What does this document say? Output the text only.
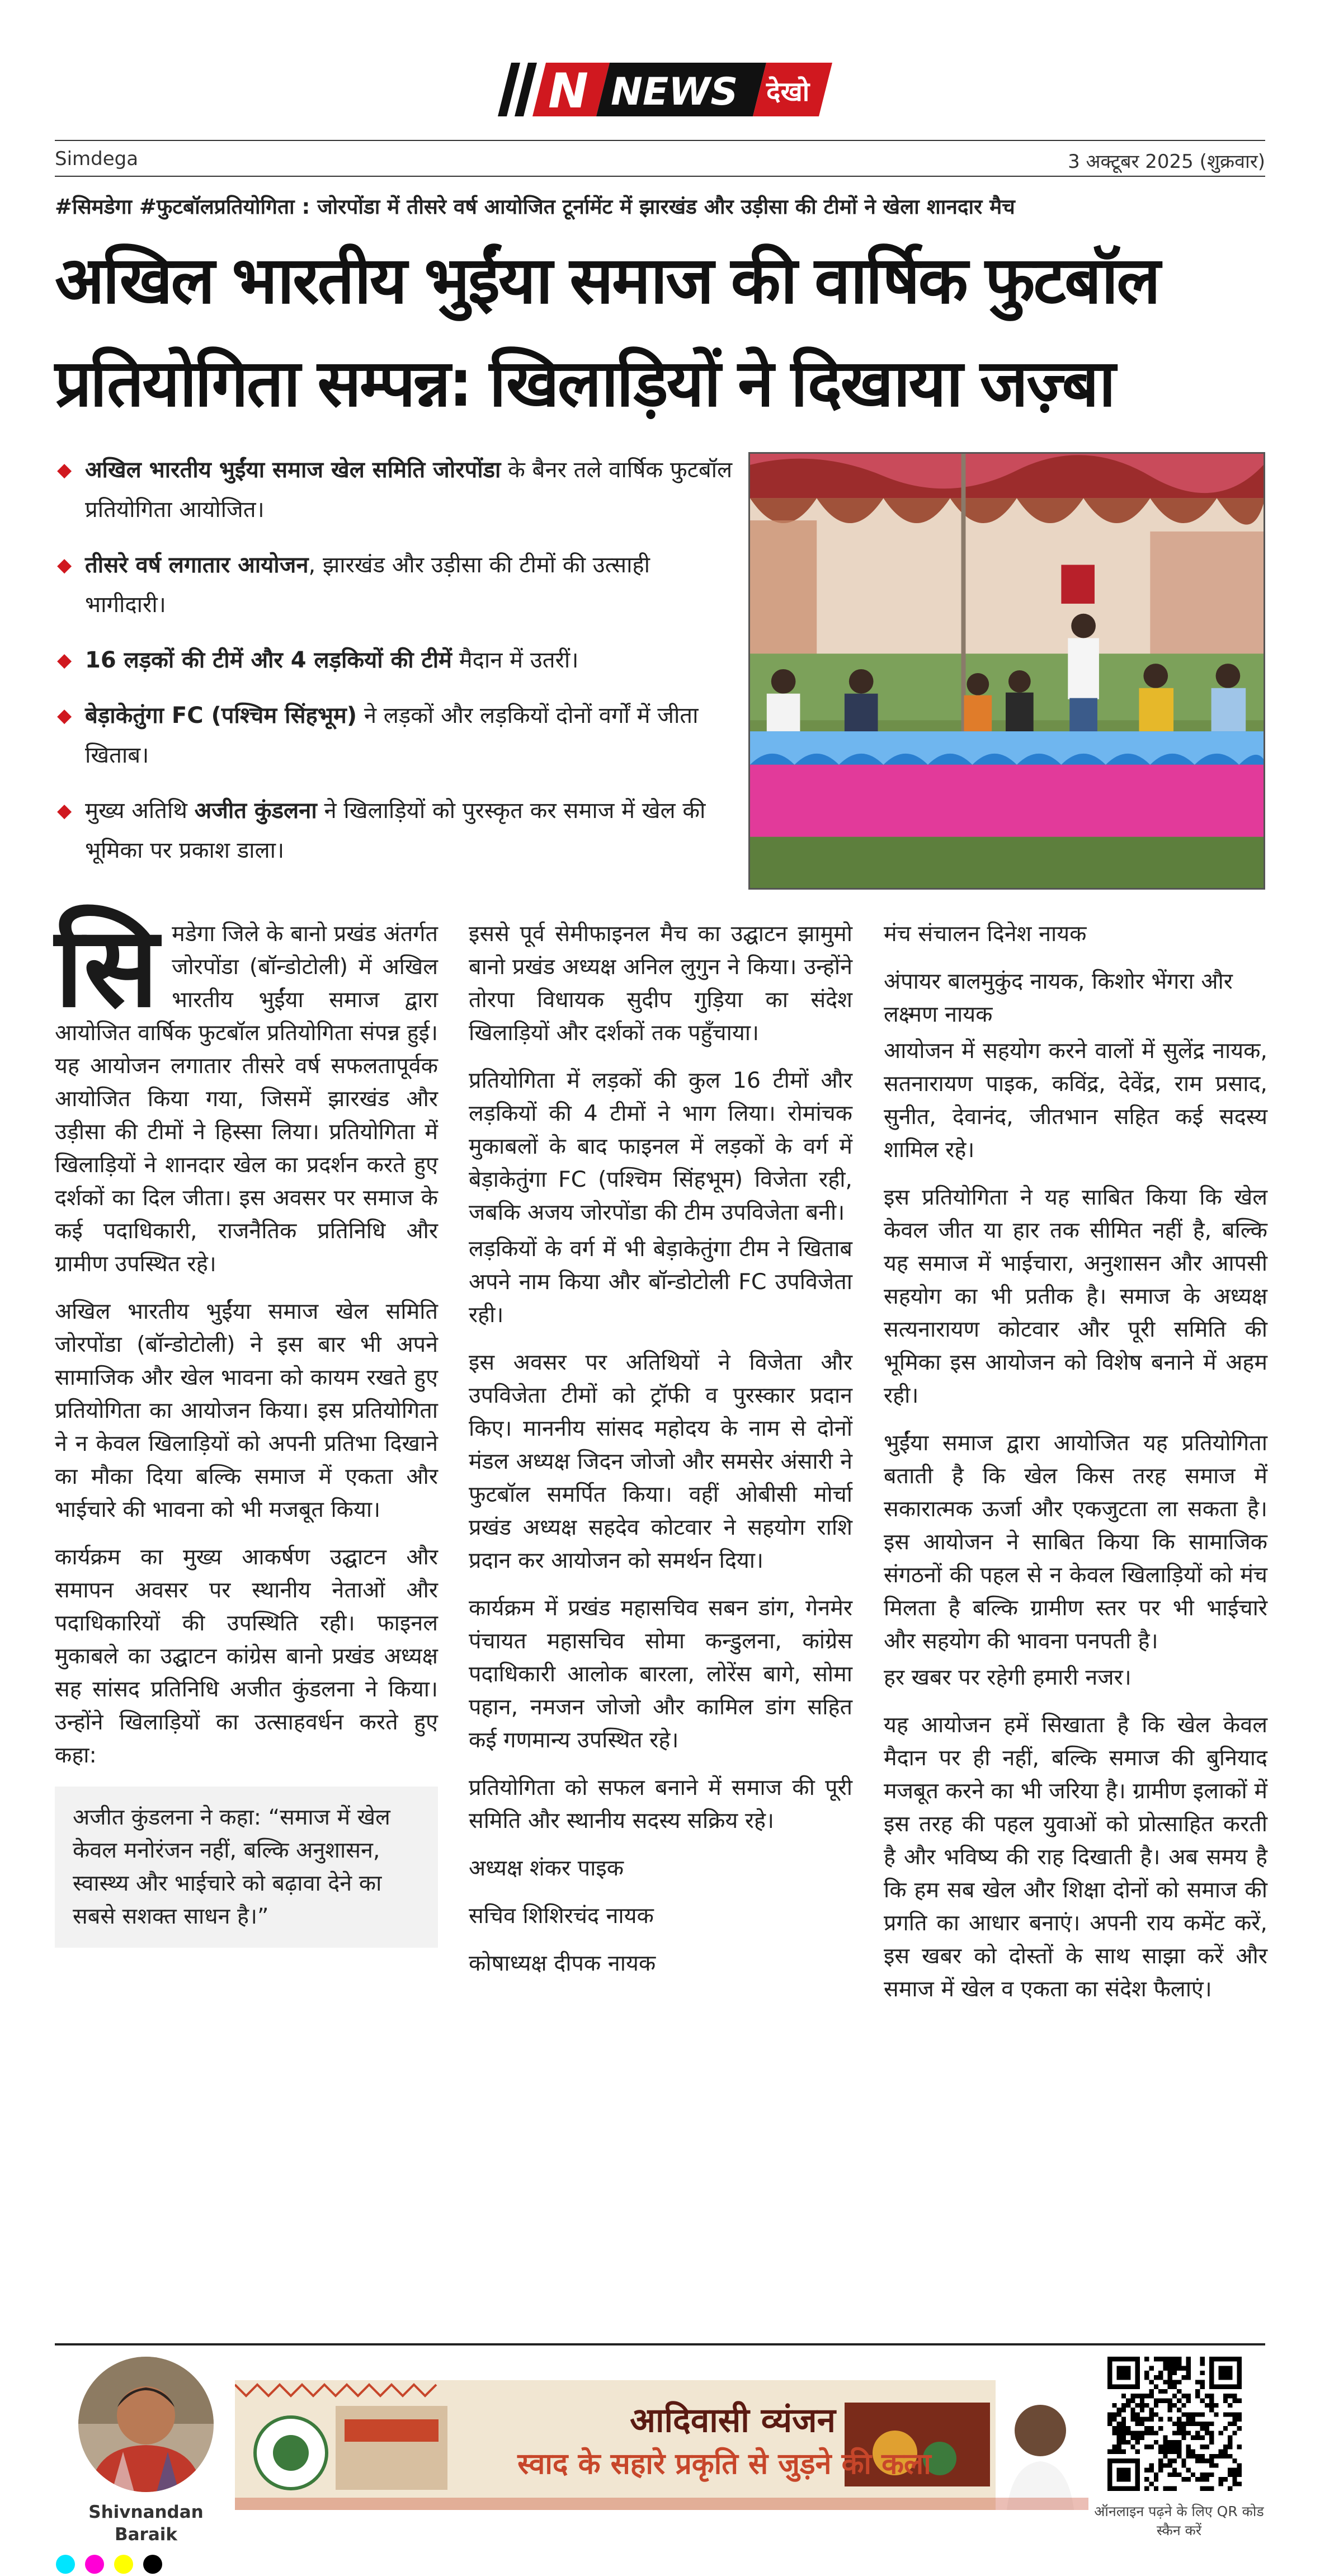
N NEWS देखो
Simdega	3 अक्टूबर 2025 (शुक्रवार)
#सिमडेगा #फुटबॉलप्रतियोगिता : जोरपोंडा में तीसरे वर्ष आयोजित टूर्नामेंट में झारखंड और उड़ीसा की टीमों ने खेला शानदार मैच
अखिल भारतीय भुईंया समाज की वार्षिक फुटबॉल
प्रतियोगिता सम्पन्न: खिलाड़ियों ने दिखाया जज़्बा
◆ अखिल भारतीय भुईंया समाज खेल समिति जोरपोंडा के बैनर तले वार्षिक फुटबॉल प्रतियोगिता आयोजित।
◆ तीसरे वर्ष लगातार आयोजन, झारखंड और उड़ीसा की टीमों की उत्साही भागीदारी।
◆ 16 लड़कों की टीमें और 4 लड़कियों की टीमें मैदान में उतरीं।
◆ बेड़ाकेतुंगा FC (पश्चिम सिंहभूम) ने लड़कों और लड़कियों दोनों वर्गों में जीता खिताब।
◆ मुख्य अतिथि अजीत कुंडलना ने खिलाड़ियों को पुरस्कृत कर समाज में खेल की भूमिका पर प्रकाश डाला।

सिमडेगा जिले के बानो प्रखंड अंतर्गत जोरपोंडा (बॉन्डोटोली) में अखिल भारतीय भुईंया समाज द्वारा आयोजित वार्षिक फुटबॉल प्रतियोगिता संपन्न हुई। यह आयोजन लगातार तीसरे वर्ष सफलतापूर्वक आयोजित किया गया, जिसमें झारखंड और उड़ीसा की टीमों ने हिस्सा लिया। प्रतियोगिता में खिलाड़ियों ने शानदार खेल का प्रदर्शन करते हुए दर्शकों का दिल जीता। इस अवसर पर समाज के कई पदाधिकारी, राजनैतिक प्रतिनिधि और ग्रामीण उपस्थित रहे।

अखिल भारतीय भुईंया समाज खेल समिति जोरपोंडा (बॉन्डोटोली) ने इस बार भी अपने सामाजिक और खेल भावना को कायम रखते हुए प्रतियोगिता का आयोजन किया। इस प्रतियोगिता ने न केवल खिलाड़ियों को अपनी प्रतिभा दिखाने का मौका दिया बल्कि समाज में एकता और भाईचारे की भावना को भी मजबूत किया।

कार्यक्रम का मुख्य आकर्षण उद्घाटन और समापन अवसर पर स्थानीय नेताओं और पदाधिकारियों की उपस्थिति रही। फाइनल मुकाबले का उद्घाटन कांग्रेस बानो प्रखंड अध्यक्ष सह सांसद प्रतिनिधि अजीत कुंडलना ने किया। उन्होंने खिलाड़ियों का उत्साहवर्धन करते हुए कहा:

अजीत कुंडलना ने कहा: “समाज में खेल केवल मनोरंजन नहीं, बल्कि अनुशासन, स्वास्थ्य और भाईचारे को बढ़ावा देने का सबसे सशक्त साधन है।”

इससे पूर्व सेमीफाइनल मैच का उद्घाटन झामुमो बानो प्रखंड अध्यक्ष अनिल लुगुन ने किया। उन्होंने तोरपा विधायक सुदीप गुड़िया का संदेश खिलाड़ियों और दर्शकों तक पहुँचाया।

प्रतियोगिता में लड़कों की कुल 16 टीमों और लड़कियों की 4 टीमों ने भाग लिया। रोमांचक मुकाबलों के बाद फाइनल में लड़कों के वर्ग में बेड़ाकेतुंगा FC (पश्चिम सिंहभूम) विजेता रही, जबकि अजय जोरपोंडा की टीम उपविजेता बनी।

लड़कियों के वर्ग में भी बेड़ाकेतुंगा टीम ने खिताब अपने नाम किया और बॉन्डोटोली FC उपविजेता रही।

इस अवसर पर अतिथियों ने विजेता और उपविजेता टीमों को ट्रॉफी व पुरस्कार प्रदान किए। माननीय सांसद महोदय के नाम से दोनों मंडल अध्यक्ष जिदन जोजो और समसेर अंसारी ने फुटबॉल समर्पित किया। वहीं ओबीसी मोर्चा प्रखंड अध्यक्ष सहदेव कोटवार ने सहयोग राशि प्रदान कर आयोजन को समर्थन दिया।

कार्यक्रम में प्रखंड महासचिव सबन डांग, गेनमेर पंचायत महासचिव सोमा कन्डुलना, कांग्रेस पदाधिकारी आलोक बारला, लोरेंस बागे, सोमा पहान, नमजन जोजो और कामिल डांग सहित कई गणमान्य उपस्थित रहे।

प्रतियोगिता को सफल बनाने में समाज की पूरी समिति और स्थानीय सदस्य सक्रिय रहे।

अध्यक्ष शंकर पाइक

सचिव शिशिरचंद नायक

कोषाध्यक्ष दीपक नायक

मंच संचालन दिनेश नायक

अंपायर बालमुकुंद नायक, किशोर भेंगरा और लक्ष्मण नायक

आयोजन में सहयोग करने वालों में सुलेंद्र नायक, सतनारायण पाइक, कविंद्र, देवेंद्र, राम प्रसाद, सुनीत, देवानंद, जीतभान सहित कई सदस्य शामिल रहे।

इस प्रतियोगिता ने यह साबित किया कि खेल केवल जीत या हार तक सीमित नहीं है, बल्कि यह समाज में भाईचारा, अनुशासन और आपसी सहयोग का भी प्रतीक है। समाज के अध्यक्ष सत्यनारायण कोटवार और पूरी समिति की भूमिका इस आयोजन को विशेष बनाने में अहम रही।

भुईंया समाज द्वारा आयोजित यह प्रतियोगिता बताती है कि खेल किस तरह समाज में सकारात्मक ऊर्जा और एकजुटता ला सकता है। इस आयोजन ने साबित किया कि सामाजिक संगठनों की पहल से न केवल खिलाड़ियों को मंच मिलता है बल्कि ग्रामीण स्तर पर भी भाईचारे और सहयोग की भावना पनपती है।

हर खबर पर रहेगी हमारी नजर।

यह आयोजन हमें सिखाता है कि खेल केवल मैदान पर ही नहीं, बल्कि समाज की बुनियाद मजबूत करने का भी जरिया है। ग्रामीण इलाकों में इस तरह की पहल युवाओं को प्रोत्साहित करती है और भविष्य की राह दिखाती है। अब समय है कि हम सब खेल और शिक्षा दोनों को समाज की प्रगति का आधार बनाएं। अपनी राय कमेंट करें, इस खबर को दोस्तों के साथ साझा करें और समाज में खेल व एकता का संदेश फैलाएं।

Shivnandan Baraik
आदिवासी व्यंजन
स्वाद के सहारे प्रकृति से जुड़ने की कला
ऑनलाइन पढ़ने के लिए QR कोड स्कैन करें
